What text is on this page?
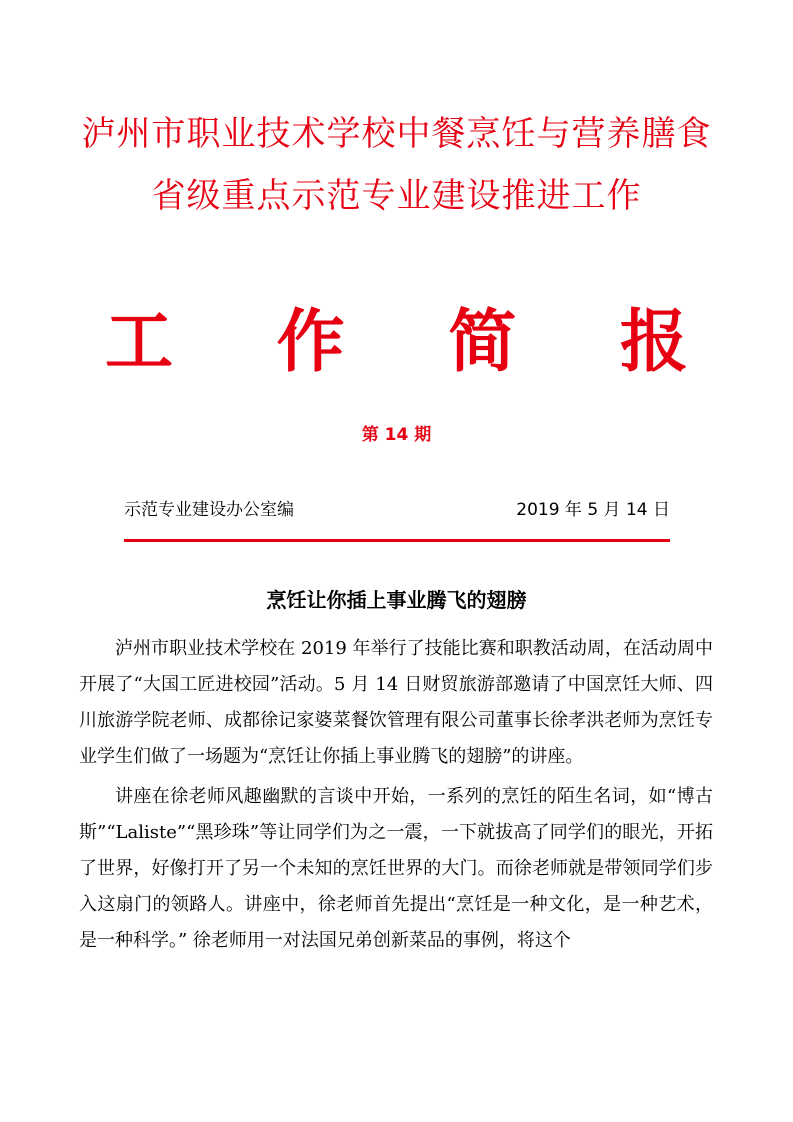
泸州市职业技术学校中餐烹饪与营养膳食
省级重点示范专业建设推进工作
工 作 简 报
第 14 期
示范专业建设办公室编	2019 年 5 月 14 日
烹饪让你插上事业腾飞的翅膀

泸州市职业技术学校在 2019 年举行了技能比赛和职教活动周，在活动周中开展了“大国工匠进校园”活动。5 月 14 日财贸旅游部邀请了中国烹饪大师、四川旅游学院老师、成都徐记家婆菜餐饮管理有限公司董事长徐孝洪老师为烹饪专业学生们做了一场题为“烹饪让你插上事业腾飞的翅膀”的讲座。

讲座在徐老师风趣幽默的言谈中开始，一系列的烹饪的陌生名词，如“博古斯”“Laliste”“黑珍珠”等让同学们为之一震，一下就拔高了同学们的眼光，开拓了世界，好像打开了另一个未知的烹饪世界的大门。而徐老师就是带领同学们步入这扇门的领路人。讲座中，徐老师首先提出“烹饪是一种文化，是一种艺术，是一种科学。” 徐老师用一对法国兄弟创新菜品的事例，将这个
